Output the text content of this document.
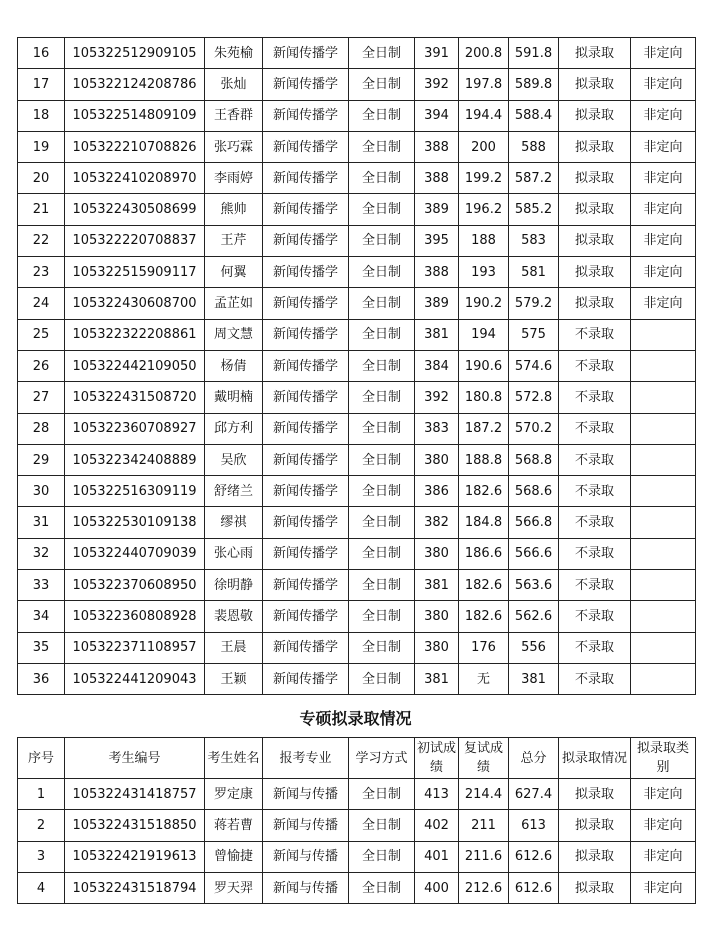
16	105322512909105	朱苑榆	新闻传播学	全日制	391	200.8	591.8	拟录取	非定向
17	105322124208786	张灿	新闻传播学	全日制	392	197.8	589.8	拟录取	非定向
18	105322514809109	王香群	新闻传播学	全日制	394	194.4	588.4	拟录取	非定向
19	105322210708826	张巧霖	新闻传播学	全日制	388	200	588	拟录取	非定向
20	105322410208970	李雨婷	新闻传播学	全日制	388	199.2	587.2	拟录取	非定向
21	105322430508699	熊帅	新闻传播学	全日制	389	196.2	585.2	拟录取	非定向
22	105322220708837	王芹	新闻传播学	全日制	395	188	583	拟录取	非定向
23	105322515909117	何翼	新闻传播学	全日制	388	193	581	拟录取	非定向
24	105322430608700	孟芷如	新闻传播学	全日制	389	190.2	579.2	拟录取	非定向
25	105322322208861	周文慧	新闻传播学	全日制	381	194	575	不录取	
26	105322442109050	杨倩	新闻传播学	全日制	384	190.6	574.6	不录取	
27	105322431508720	戴明楠	新闻传播学	全日制	392	180.8	572.8	不录取	
28	105322360708927	邱方利	新闻传播学	全日制	383	187.2	570.2	不录取	
29	105322342408889	吴欣	新闻传播学	全日制	380	188.8	568.8	不录取	
30	105322516309119	舒绪兰	新闻传播学	全日制	386	182.6	568.6	不录取	
31	105322530109138	缪祺	新闻传播学	全日制	382	184.8	566.8	不录取	
32	105322440709039	张心雨	新闻传播学	全日制	380	186.6	566.6	不录取	
33	105322370608950	徐明静	新闻传播学	全日制	381	182.6	563.6	不录取	
34	105322360808928	裴恩敬	新闻传播学	全日制	380	182.6	562.6	不录取	
35	105322371108957	王晨	新闻传播学	全日制	380	176	556	不录取	
36	105322441209043	王颖	新闻传播学	全日制	381	无	381	不录取	
专硕拟录取情况
序号	考生编号	考生姓名	报考专业	学习方式	初试成绩	复试成绩	总分	拟录取情况	拟录取类别
1	105322431418757	罗定康	新闻与传播	全日制	413	214.4	627.4	拟录取	非定向
2	105322431518850	蒋若曹	新闻与传播	全日制	402	211	613	拟录取	非定向
3	105322421919613	曾愉捷	新闻与传播	全日制	401	211.6	612.6	拟录取	非定向
4	105322431518794	罗天羿	新闻与传播	全日制	400	212.6	612.6	拟录取	非定向
